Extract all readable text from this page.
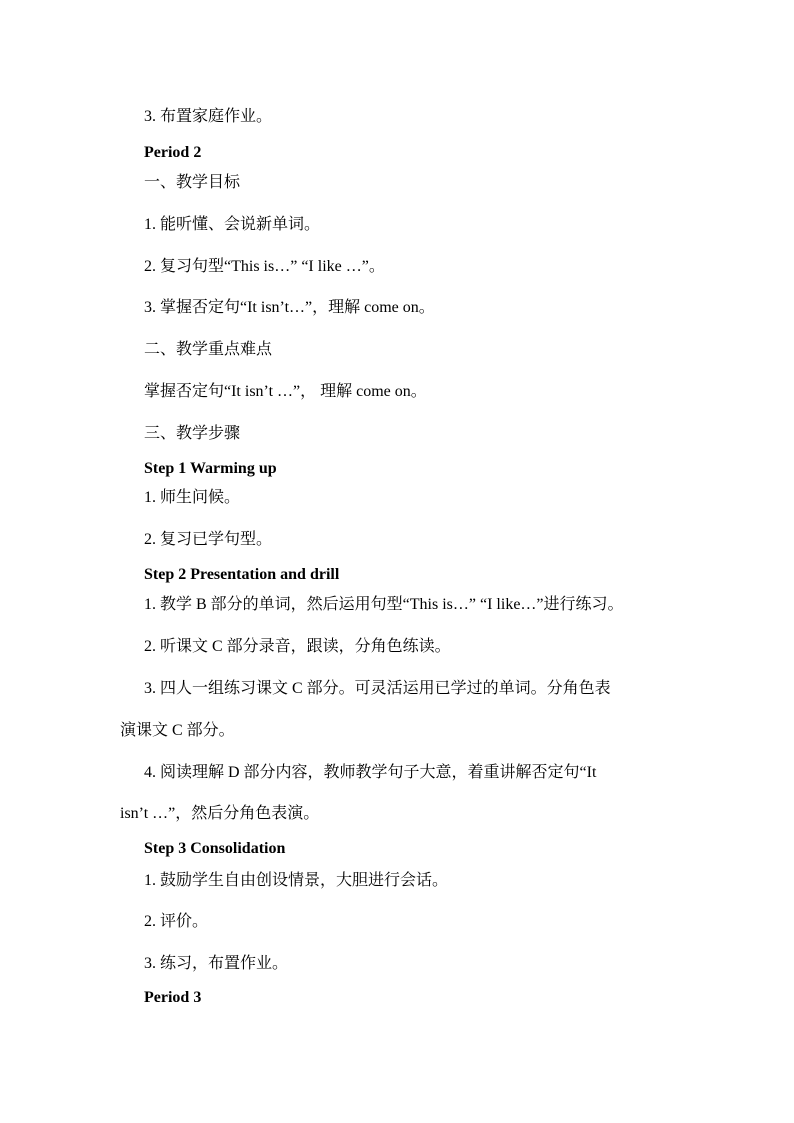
3. 布置家庭作业。
Period 2
一、教学目标
1. 能听懂、会说新单词。
2. 复习句型“This is…” “I like …”。
3. 掌握否定句“It isn’t…”，理解 come on。
二、教学重点难点
掌握否定句“It isn’t …”， 理解 come on。
三、教学步骤
Step 1 Warming up
1. 师生问候。
2. 复习已学句型。
Step 2 Presentation and drill
1. 教学 B 部分的单词，然后运用句型“This is…” “I like…”进行练习。
2. 听课文 C 部分录音，跟读，分角色练读。
3. 四人一组练习课文 C 部分。可灵活运用已学过的单词。分角色表
演课文 C 部分。
4. 阅读理解 D 部分内容，教师教学句子大意，着重讲解否定句“It
isn’t …”，然后分角色表演。
Step 3 Consolidation
1. 鼓励学生自由创设情景，大胆进行会话。
2. 评价。
3. 练习，布置作业。
Period 3
